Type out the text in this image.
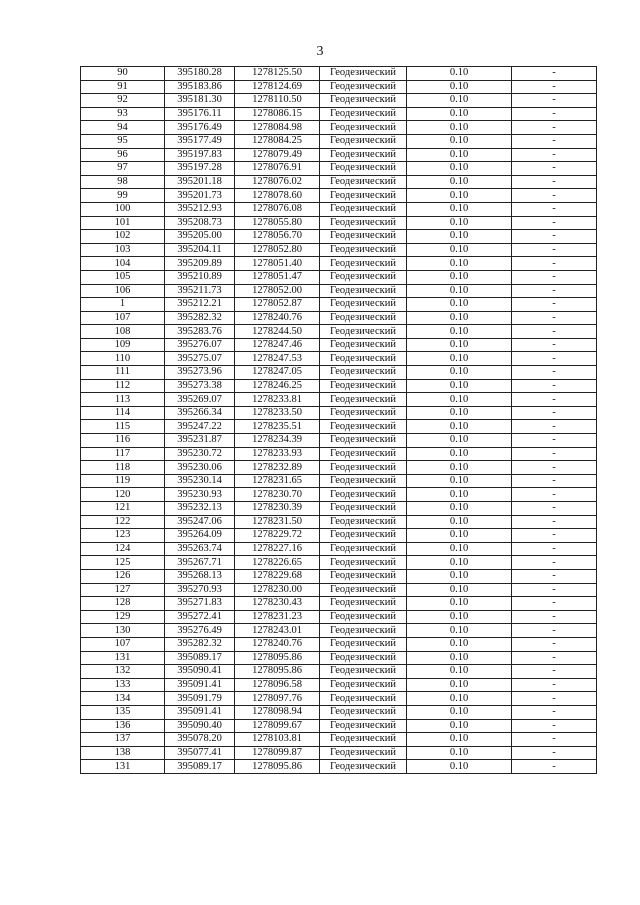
3
90	395180.28	1278125.50	Геодезический	0.10	-
91	395183.86	1278124.69	Геодезический	0.10	-
92	395181.30	1278110.50	Геодезический	0.10	-
93	395176.11	1278086.15	Геодезический	0.10	-
94	395176.49	1278084.98	Геодезический	0.10	-
95	395177.49	1278084.25	Геодезический	0.10	-
96	395197.83	1278079.49	Геодезический	0.10	-
97	395197.28	1278076.91	Геодезический	0.10	-
98	395201.18	1278076.02	Геодезический	0.10	-
99	395201.73	1278078.60	Геодезический	0.10	-
100	395212.93	1278076.08	Геодезический	0.10	-
101	395208.73	1278055.80	Геодезический	0.10	-
102	395205.00	1278056.70	Геодезический	0.10	-
103	395204.11	1278052.80	Геодезический	0.10	-
104	395209.89	1278051.40	Геодезический	0.10	-
105	395210.89	1278051.47	Геодезический	0.10	-
106	395211.73	1278052.00	Геодезический	0.10	-
1	395212.21	1278052.87	Геодезический	0.10	-
107	395282.32	1278240.76	Геодезический	0.10	-
108	395283.76	1278244.50	Геодезический	0.10	-
109	395276.07	1278247.46	Геодезический	0.10	-
110	395275.07	1278247.53	Геодезический	0.10	-
111	395273.96	1278247.05	Геодезический	0.10	-
112	395273.38	1278246.25	Геодезический	0.10	-
113	395269.07	1278233.81	Геодезический	0.10	-
114	395266.34	1278233.50	Геодезический	0.10	-
115	395247.22	1278235.51	Геодезический	0.10	-
116	395231.87	1278234.39	Геодезический	0.10	-
117	395230.72	1278233.93	Геодезический	0.10	-
118	395230.06	1278232.89	Геодезический	0.10	-
119	395230.14	1278231.65	Геодезический	0.10	-
120	395230.93	1278230.70	Геодезический	0.10	-
121	395232.13	1278230.39	Геодезический	0.10	-
122	395247.06	1278231.50	Геодезический	0.10	-
123	395264.09	1278229.72	Геодезический	0.10	-
124	395263.74	1278227.16	Геодезический	0.10	-
125	395267.71	1278226.65	Геодезический	0.10	-
126	395268.13	1278229.68	Геодезический	0.10	-
127	395270.93	1278230.00	Геодезический	0.10	-
128	395271.83	1278230.43	Геодезический	0.10	-
129	395272.41	1278231.23	Геодезический	0.10	-
130	395276.49	1278243.01	Геодезический	0.10	-
107	395282.32	1278240.76	Геодезический	0.10	-
131	395089.17	1278095.86	Геодезический	0.10	-
132	395090.41	1278095.86	Геодезический	0.10	-
133	395091.41	1278096.58	Геодезический	0.10	-
134	395091.79	1278097.76	Геодезический	0.10	-
135	395091.41	1278098.94	Геодезический	0.10	-
136	395090.40	1278099.67	Геодезический	0.10	-
137	395078.20	1278103.81	Геодезический	0.10	-
138	395077.41	1278099.87	Геодезический	0.10	-
131	395089.17	1278095.86	Геодезический	0.10	-
